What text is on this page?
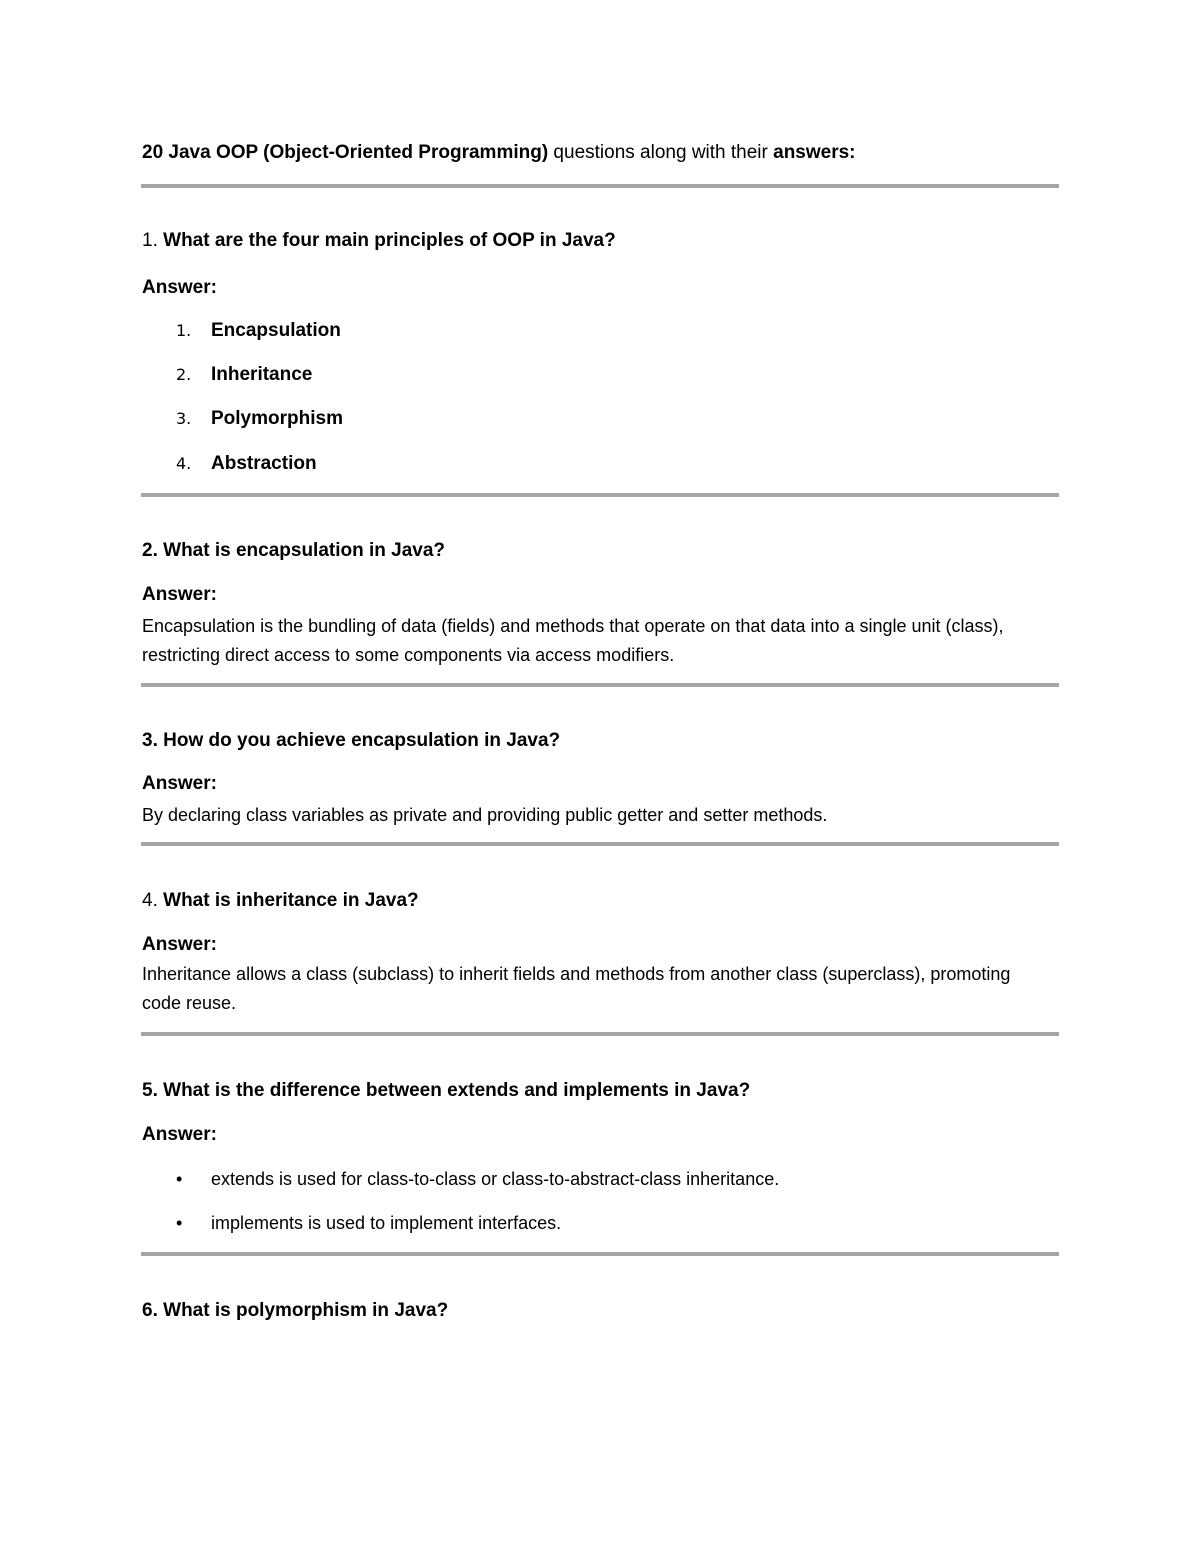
20 Java OOP (Object-Oriented Programming) questions along with their answers:
1. What are the four main principles of OOP in Java?
Answer:
1. Encapsulation
2. Inheritance
3. Polymorphism
4. Abstraction
2. What is encapsulation in Java?
Answer:
Encapsulation is the bundling of data (fields) and methods that operate on that data into a single unit (class), restricting direct access to some components via access modifiers.
3. How do you achieve encapsulation in Java?
Answer:
By declaring class variables as private and providing public getter and setter methods.
4. What is inheritance in Java?
Answer:
Inheritance allows a class (subclass) to inherit fields and methods from another class (superclass), promoting code reuse.
5. What is the difference between extends and implements in Java?
Answer:
• extends is used for class-to-class or class-to-abstract-class inheritance.
• implements is used to implement interfaces.
6. What is polymorphism in Java?
